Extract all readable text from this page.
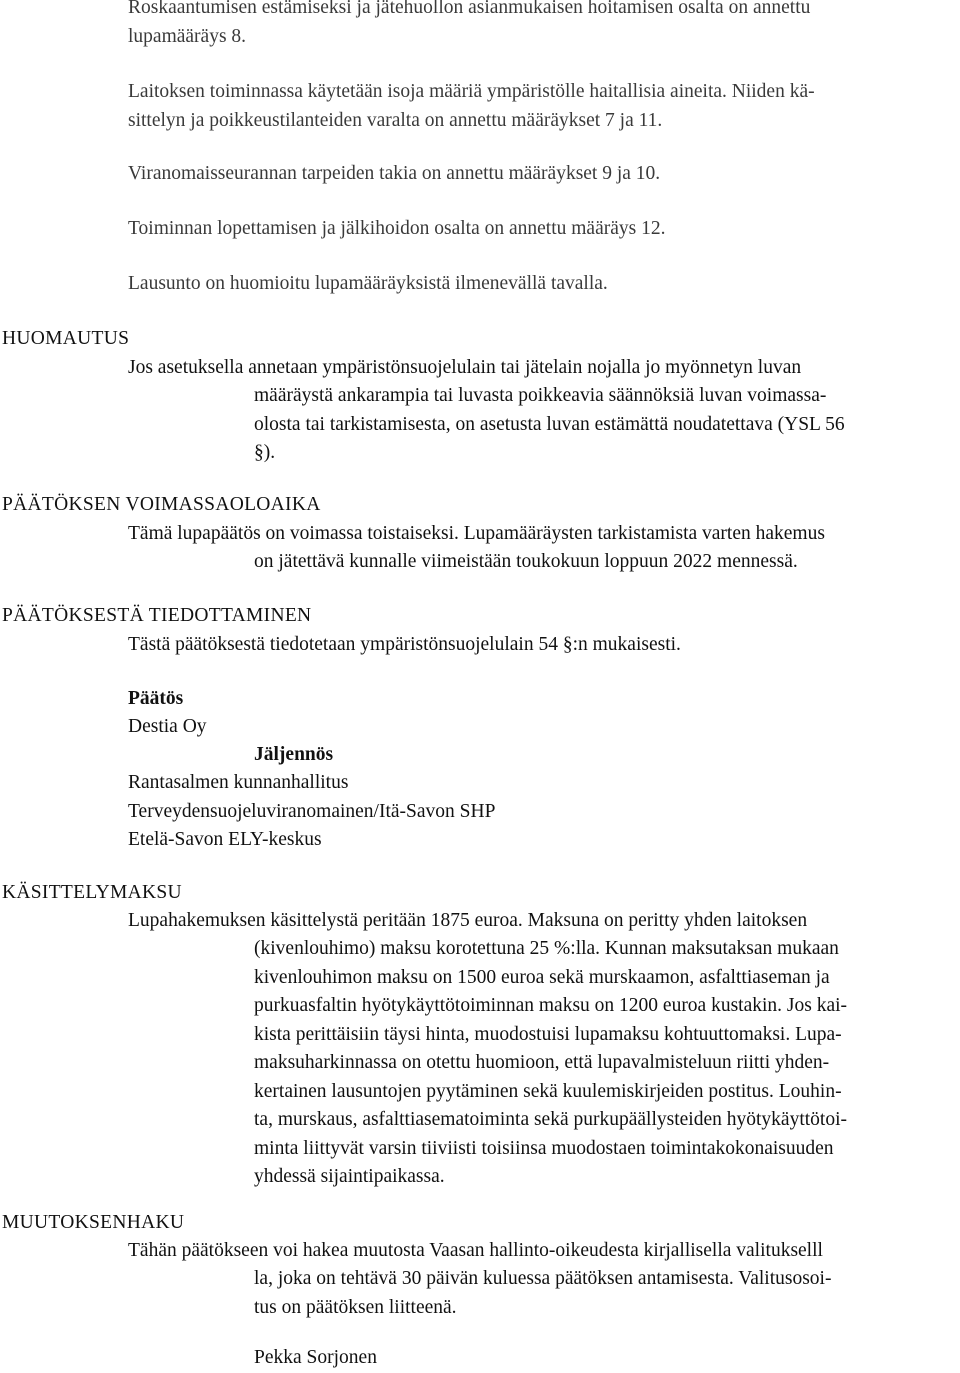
Roskaantumisen estämiseksi ja jätehuollon asianmukaisen hoitamisen osalta on annettu
lupamääräys 8.
Laitoksen toiminnassa käytetään isoja määriä ympäristölle haitallisia aineita. Niiden kä-
sittelyn ja poikkeustilanteiden varalta on annettu määräykset 7 ja 11.
Viranomaisseurannan tarpeiden takia on annettu määräykset 9 ja 10.
Toiminnan lopettamisen ja jälkihoidon osalta on annettu määräys 12.
Lausunto on huomioitu lupamääräyksistä ilmenevällä tavalla.
HUOMAUTUS
Jos asetuksella annetaan ympäristönsuojelulain tai jätelain nojalla jo myönnetyn luvan
määräystä ankarampia tai luvasta poikkeavia säännöksiä luvan voimassa-
olosta tai tarkistamisesta, on asetusta luvan estämättä noudatettava (YSL 56
§).
PÄÄTÖKSEN VOIMASSAOLOAIKA
Tämä lupapäätös on voimassa toistaiseksi. Lupamääräysten tarkistamista varten hakemus
on jätettävä kunnalle viimeistään toukokuun loppuun 2022 mennessä.
PÄÄTÖKSESTÄ TIEDOTTAMINEN
Tästä päätöksestä tiedotetaan ympäristönsuojelulain 54 §:n mukaisesti.
Päätös
Destia Oy
Jäljennös
Rantasalmen kunnanhallitus
Terveydensuojeluviranomainen/Itä-Savon SHP
Etelä-Savon ELY-keskus
KÄSITTELYMAKSU
Lupahakemuksen käsittelystä peritään 1875 euroa. Maksuna on peritty yhden laitoksen
(kivenlouhimo) maksu korotettuna 25 %:lla. Kunnan maksutaksan mukaan
kivenlouhimon maksu on 1500 euroa sekä murskaamon, asfalttiaseman ja
purkuasfaltin hyötykäyttötoiminnan maksu on 1200 euroa kustakin. Jos kai-
kista perittäisiin täysi hinta, muodostuisi lupamaksu kohtuuttomaksi. Lupa-
maksuharkinnassa on otettu huomioon, että lupavalmisteluun riitti yhden-
kertainen lausuntojen pyytäminen sekä kuulemiskirjeiden postitus. Louhin-
ta, murskaus, asfalttiasematoiminta sekä purkupäällysteiden hyötykäyttötoi-
minta liittyvät varsin tiiviisti toisiinsa muodostaen toimintakokonaisuuden
yhdessä sijaintipaikassa.
MUUTOKSENHAKU
Tähän päätökseen voi hakea muutosta Vaasan hallinto-oikeudesta kirjallisella valitukselll
la, joka on tehtävä 30 päivän kuluessa päätöksen antamisesta. Valitusosoi-
tus on päätöksen liitteenä.
Pekka Sorjonen
